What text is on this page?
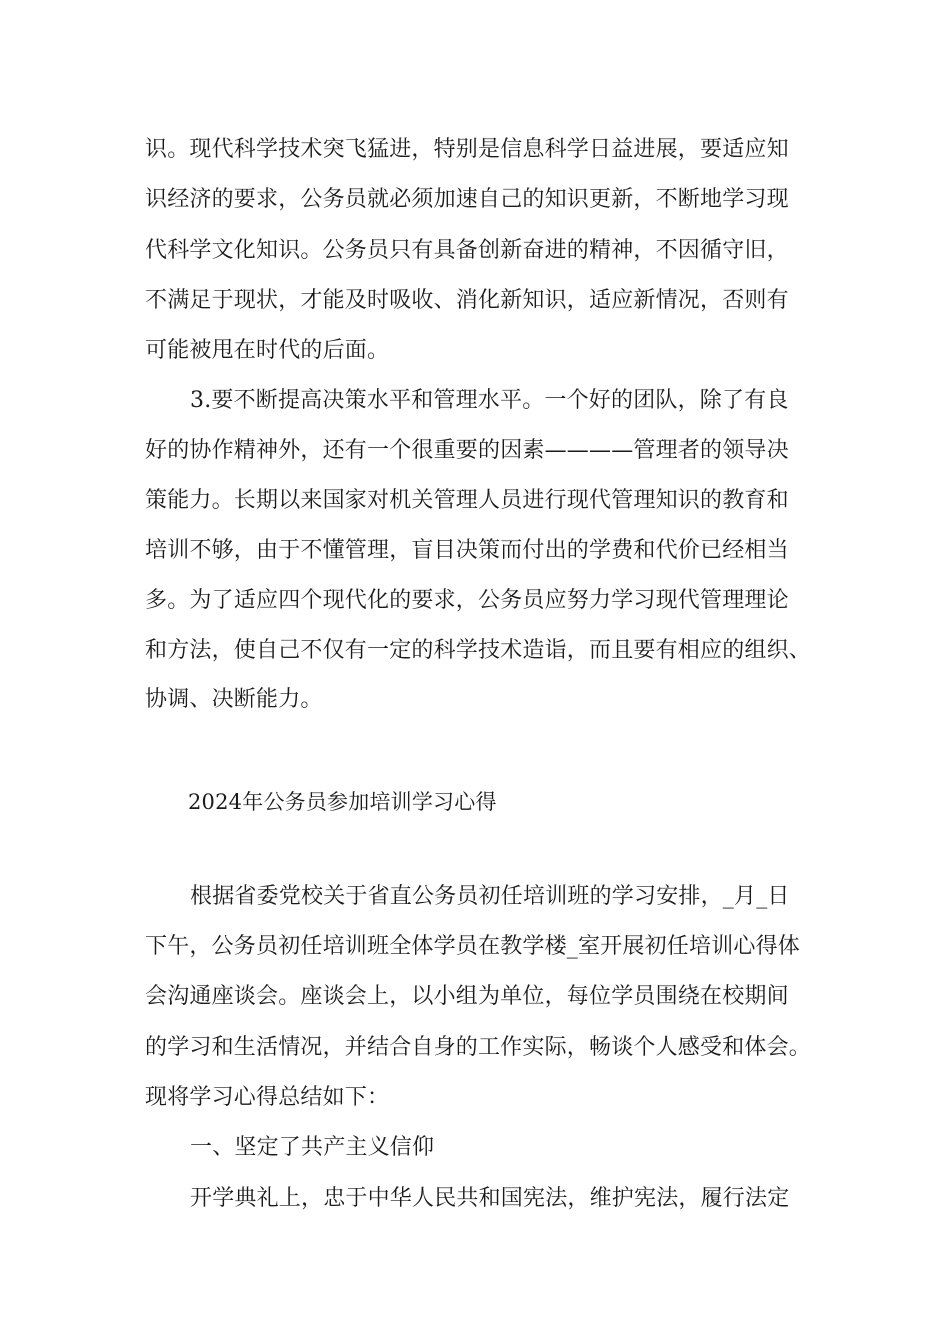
识。现代科学技术突飞猛进，特别是信息科学日益进展，要适应知
识经济的要求，公务员就必须加速自己的知识更新，不断地学习现
代科学文化知识。公务员只有具备创新奋进的精神，不因循守旧，
不满足于现状，才能及时吸收、消化新知识，适应新情况，否则有
可能被甩在时代的后面。
3.要不断提高决策水平和管理水平。一个好的团队，除了有良
好的协作精神外，还有一个很重要的因素————管理者的领导决
策能力。长期以来国家对机关管理人员进行现代管理知识的教育和
培训不够，由于不懂管理，盲目决策而付出的学费和代价已经相当
多。为了适应四个现代化的要求，公务员应努力学习现代管理理论
和方法，使自己不仅有一定的科学技术造诣，而且要有相应的组织、
协调、决断能力。
2024年公务员参加培训学习心得
根据省委党校关于省直公务员初任培训班的学习安排，_月_日
下午，公务员初任培训班全体学员在教学楼_室开展初任培训心得体
会沟通座谈会。座谈会上，以小组为单位，每位学员围绕在校期间
的学习和生活情况，并结合自身的工作实际，畅谈个人感受和体会。
现将学习心得总结如下：
一、坚定了共产主义信仰
开学典礼上，忠于中华人民共和国宪法，维护宪法，履行法定
